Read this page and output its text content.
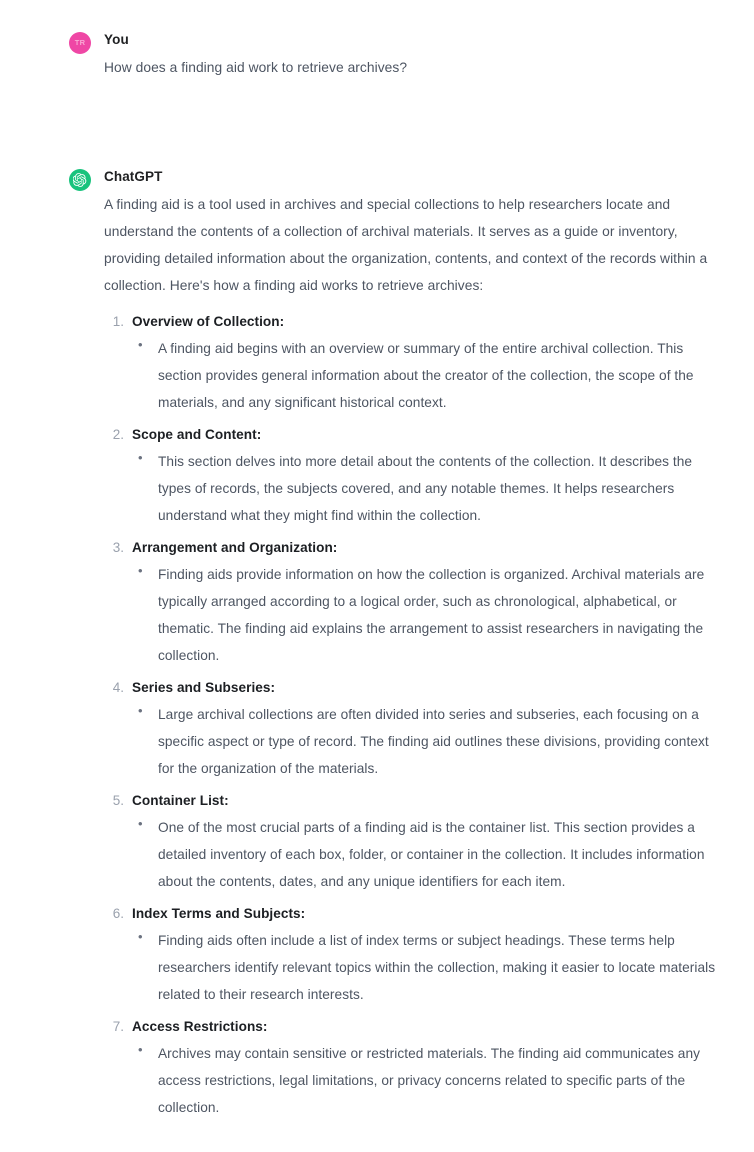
TR You

How does a finding aid work to retrieve archives?

ChatGPT

A finding aid is a tool used in archives and special collections to help researchers locate and understand the contents of a collection of archival materials. It serves as a guide or inventory, providing detailed information about the organization, contents, and context of the records within a collection. Here's how a finding aid works to retrieve archives:

Overview of Collection:

• A finding aid begins with an overview or summary of the entire archival collection. This section provides general information about the creator of the collection, the scope of the materials, and any significant historical context.

Scope and Content:

• This section delves into more detail about the contents of the collection. It describes the types of records, the subjects covered, and any notable themes. It helps researchers understand what they might find within the collection.

Arrangement and Organization:

• Finding aids provide information on how the collection is organized. Archival materials are typically arranged according to a logical order, such as chronological, alphabetical, or thematic. The finding aid explains the arrangement to assist researchers in navigating the collection.

Series and Subseries:

• Large archival collections are often divided into series and subseries, each focusing on a specific aspect or type of record. The finding aid outlines these divisions, providing context for the organization of the materials.

Container List:

• One of the most crucial parts of a finding aid is the container list. This section provides a detailed inventory of each box, folder, or container in the collection. It includes information about the contents, dates, and any unique identifiers for each item.

Index Terms and Subjects:

• Finding aids often include a list of index terms or subject headings. These terms help researchers identify relevant topics within the collection, making it easier to locate materials related to their research interests.

Access Restrictions:

• Archives may contain sensitive or restricted materials. The finding aid communicates any access restrictions, legal limitations, or privacy concerns related to specific parts of the collection.
